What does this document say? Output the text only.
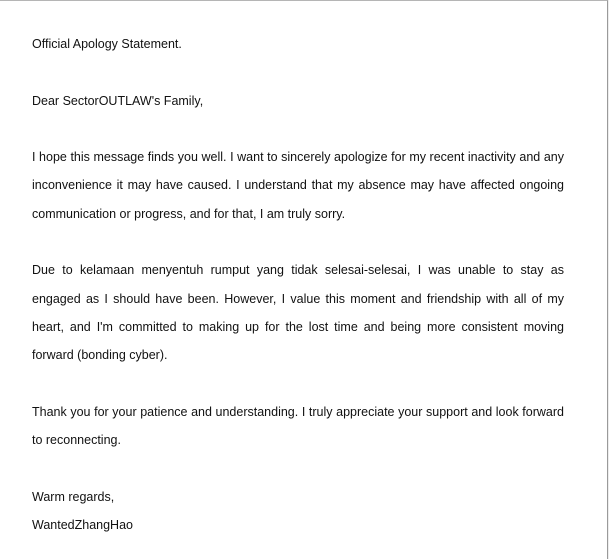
Official Apology Statement.

Dear SectorOUTLAW's Family,

I hope this message finds you well. I want to sincerely apologize for my recent inactivity and any inconvenience it may have caused. I understand that my absence may have affected ongoing communication or progress, and for that, I am truly sorry.

Due to kelamaan menyentuh rumput yang tidak selesai-selesai, I was unable to stay as engaged as I should have been. However, I value this moment and friendship with all of my heart, and I'm committed to making up for the lost time and being more consistent moving forward (bonding cyber).

Thank you for your patience and understanding. I truly appreciate your support and look forward to reconnecting.

Warm regards,

WantedZhangHao
